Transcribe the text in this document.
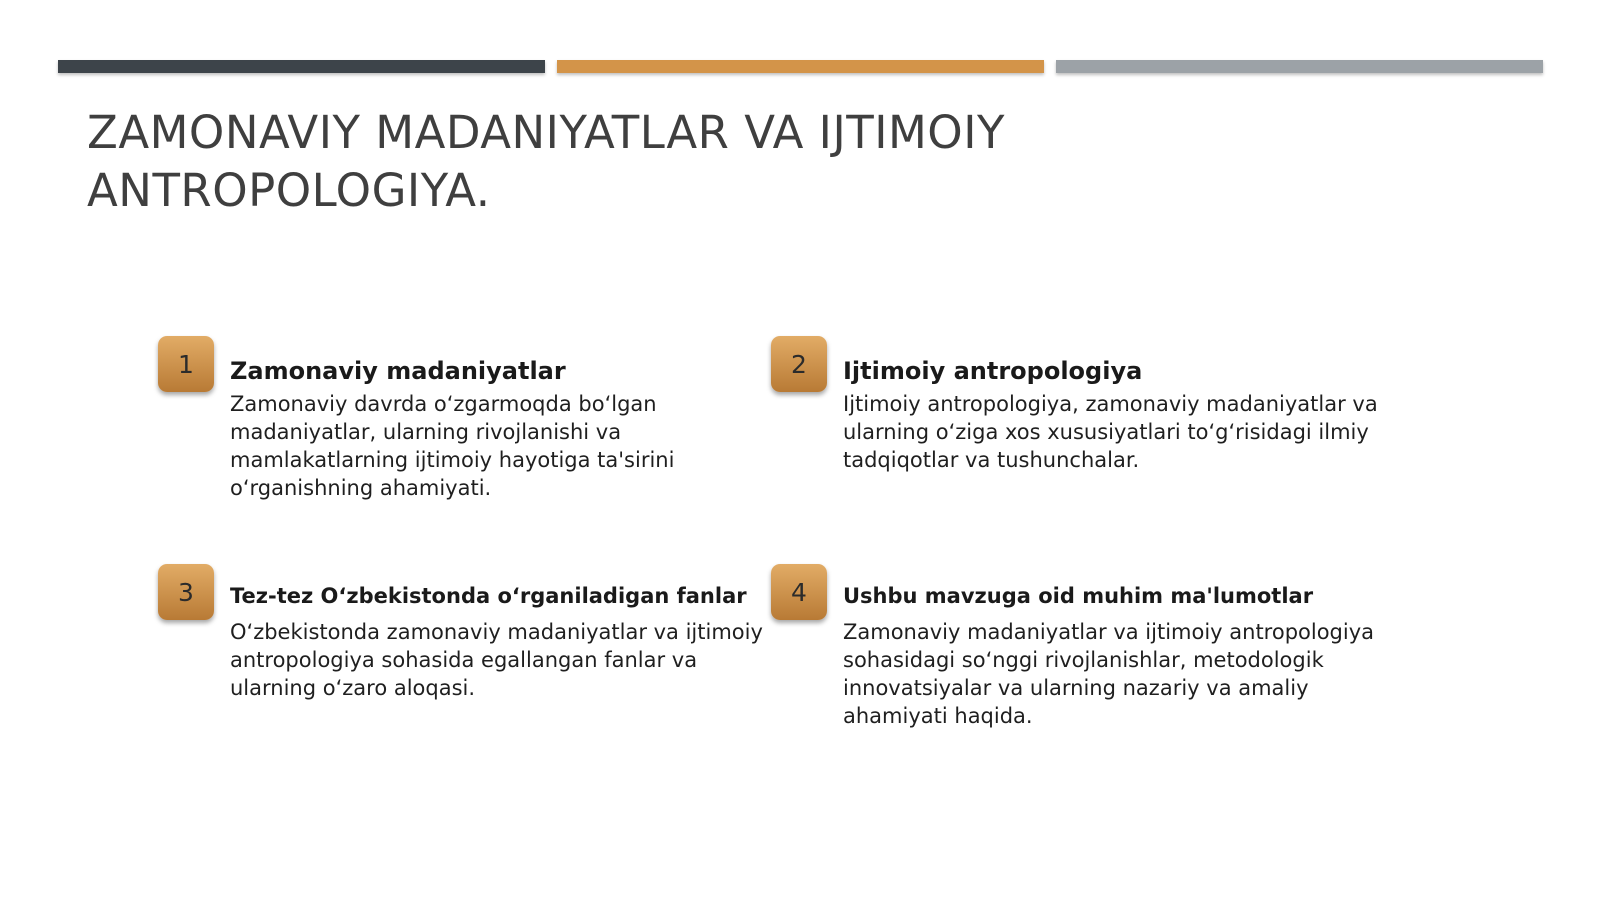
ZAMONAVIY MADANIYATLAR VA IJTIMOIY ANTROPOLOGIYA.
1	Zamonaviy madaniyatlar

Zamonaviy davrda o‘zgarmoqda bo‘lgan madaniyatlar, ularning rivojlanishi va mamlakatlarning ijtimoiy hayotiga ta'sirini o‘rganishning ahamiyati.

2	Ijtimoiy antropologiya

Ijtimoiy antropologiya, zamonaviy madaniyatlar va ularning o‘ziga xos xususiyatlari to‘g‘risidagi ilmiy tadqiqotlar va tushunchalar.

3	Tez-tez O‘zbekistonda o‘rganiladigan fanlar

O‘zbekistonda zamonaviy madaniyatlar va ijtimoiy antropologiya sohasida egallangan fanlar va ularning o‘zaro aloqasi.

4	Ushbu mavzuga oid muhim ma'lumotlar

Zamonaviy madaniyatlar va ijtimoiy antropologiya sohasidagi so‘nggi rivojlanishlar, metodologik innovatsiyalar va ularning nazariy va amaliy ahamiyati haqida.
